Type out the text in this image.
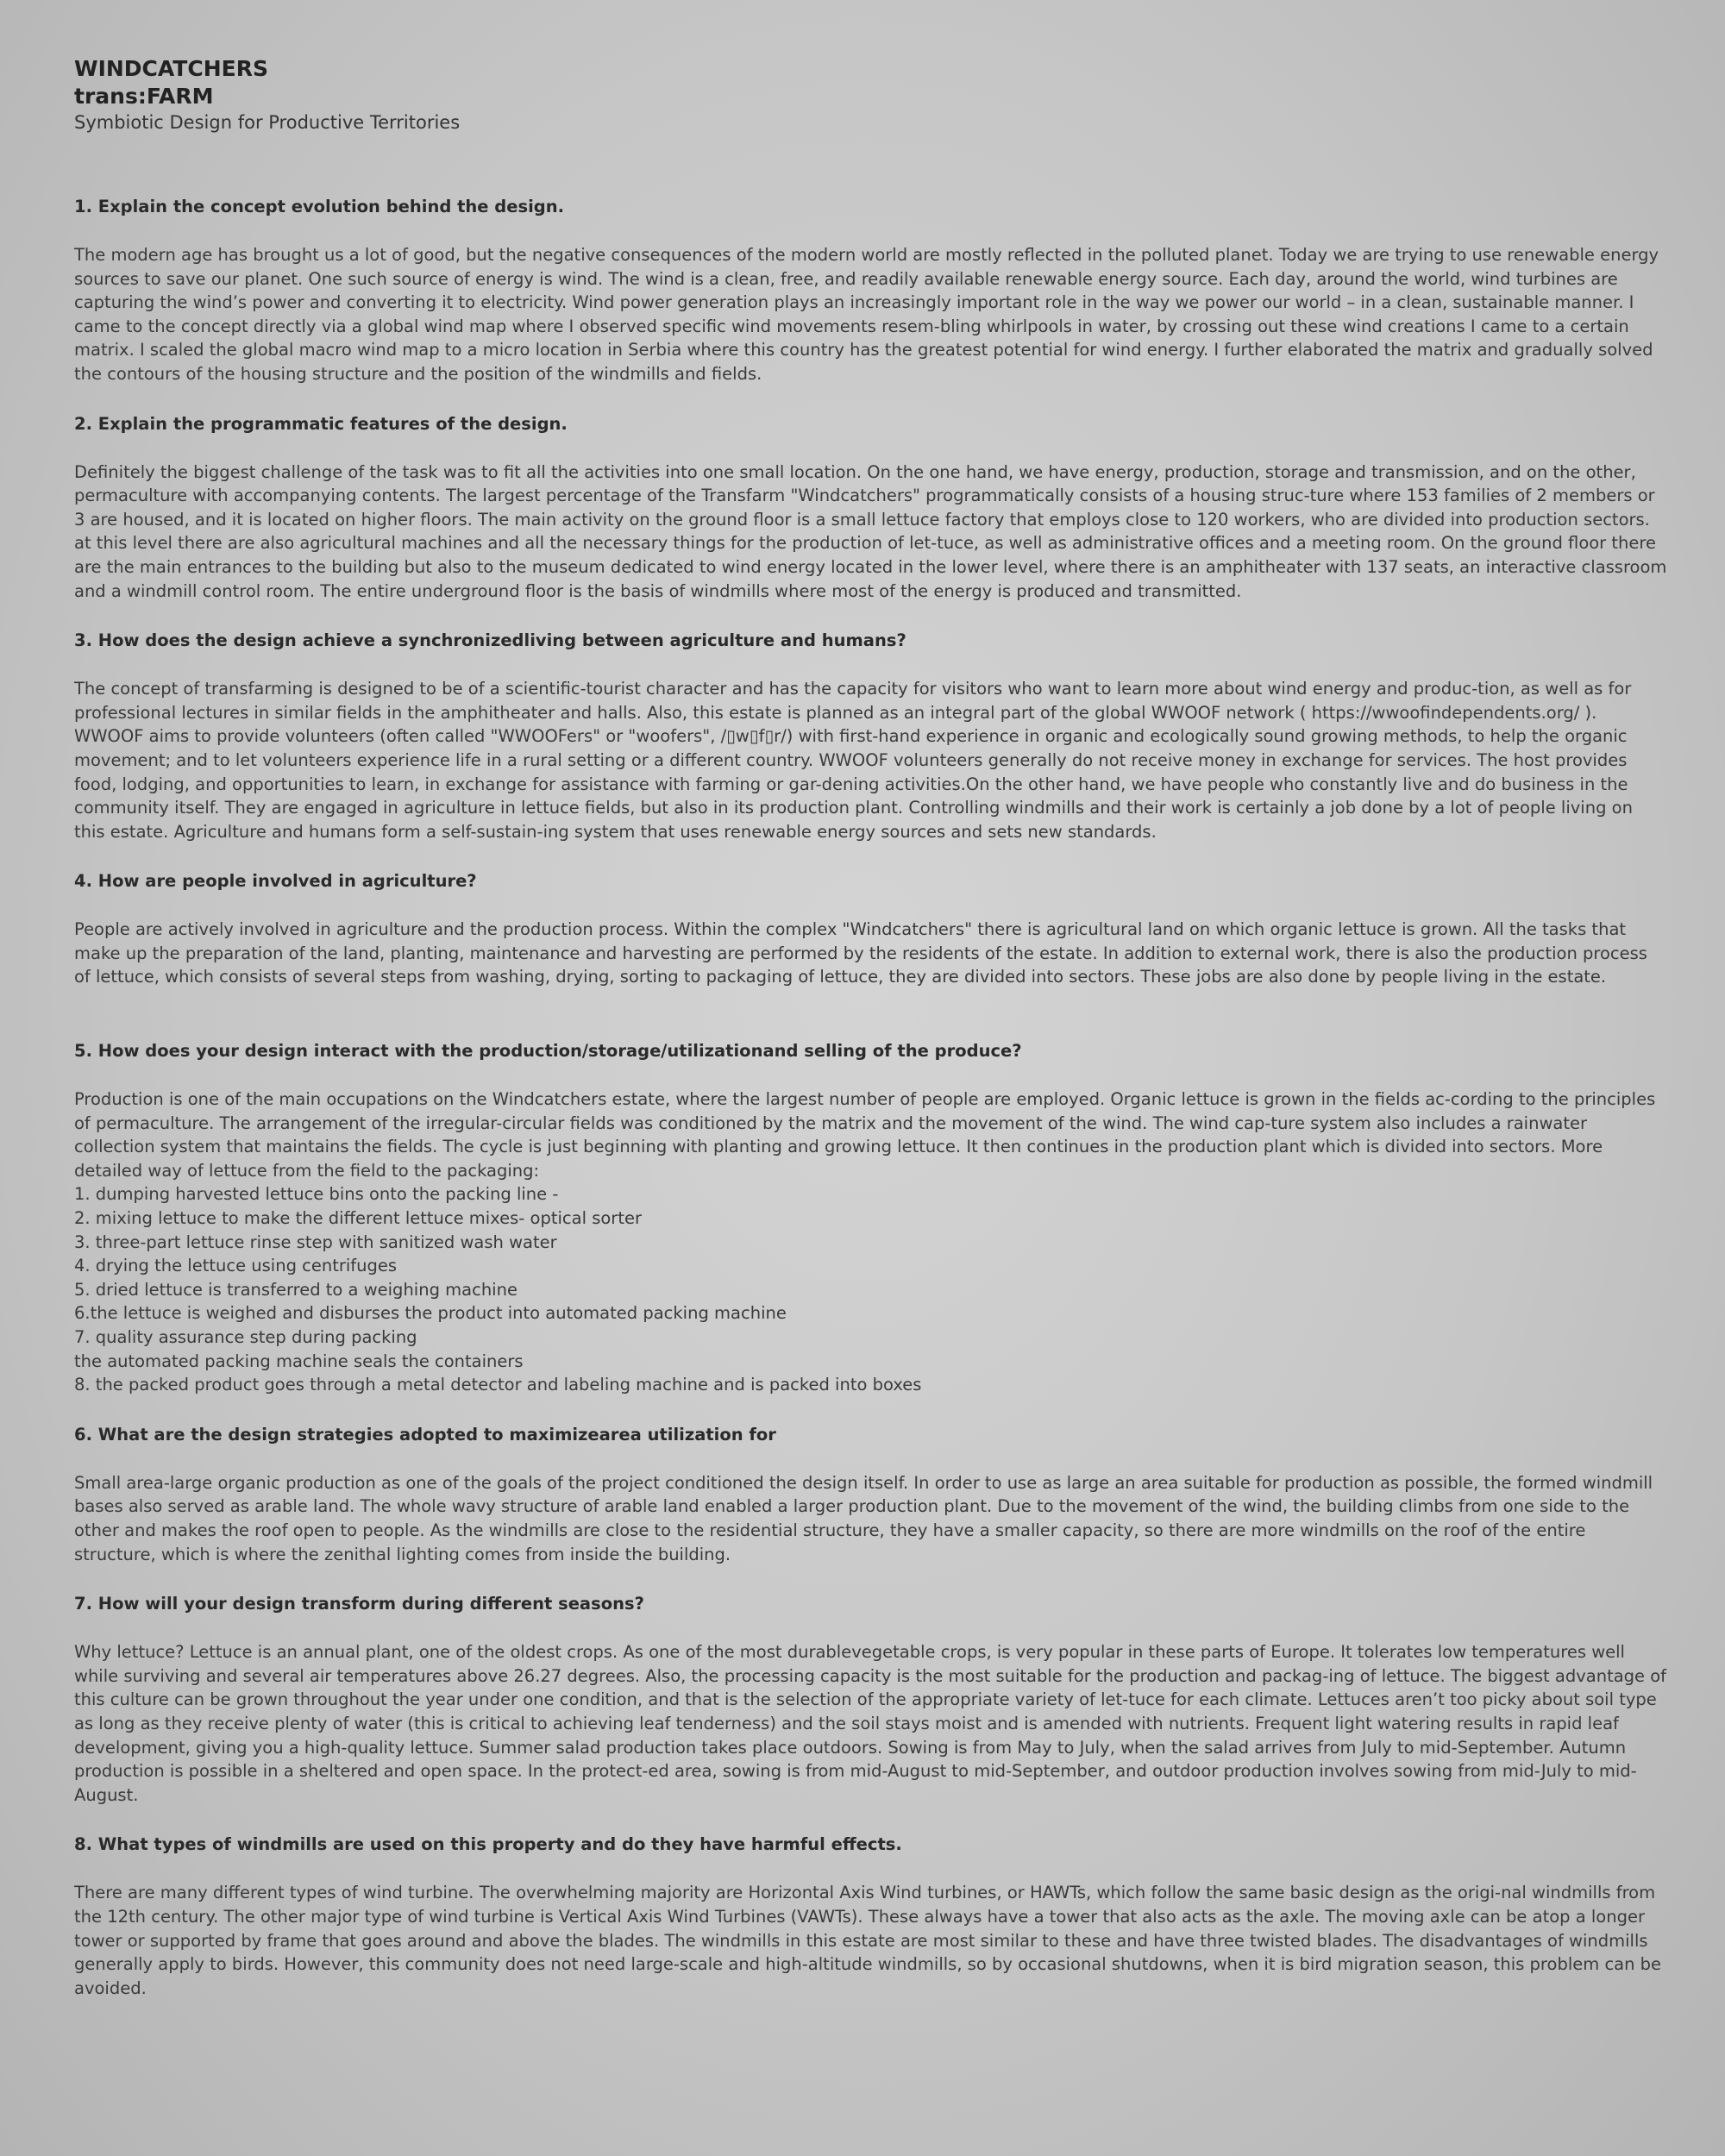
WINDCATCHERS
trans:FARM
Symbiotic Design for Productive Territories
1. Explain the concept evolution behind the design.
The modern age has brought us a lot of good, but the negative consequences of the modern world are mostly reflected in the polluted planet. Today we are trying to use renewable energy sources to save our planet. One such source of energy is wind. The wind is a clean, free, and readily available renewable energy source. Each day, around the world, wind turbines are capturing the wind’s power and converting it to electricity. Wind power generation plays an increasingly important role in the way we power our world – in a clean, sustainable manner. I came to the concept directly via a global wind map where I observed specific wind movements resem-bling whirlpools in water, by crossing out these wind creations I came to a certain matrix. I scaled the global macro wind map to a micro location in Serbia where this country has the greatest potential for wind energy. I further elaborated the matrix and gradually solved the contours of the housing structure and the position of the windmills and fields.
2. Explain the programmatic features of the design.
Definitely the biggest challenge of the task was to fit all the activities into one small location. On the one hand, we have energy, production, storage and transmission, and on the other, permaculture with accompanying contents. The largest percentage of the Transfarm "Windcatchers" programmatically consists of a housing struc-ture where 153 families of 2 members or 3 are housed, and it is located on higher floors. The main activity on the ground floor is a small lettuce factory that employs close to 120 workers, who are divided into production sectors. at this level there are also agricultural machines and all the necessary things for the production of let-tuce, as well as administrative offices and a meeting room. On the ground floor there are the main entrances to the building but also to the museum dedicated to wind energy located in the lower level, where there is an amphitheater with 137 seats, an interactive classroom and a windmill control room. The entire underground floor is the basis of windmills where most of the energy is produced and transmitted.
3. How does the design achieve a synchronizedliving between agriculture and humans?
The concept of transfarming is designed to be of a scientific-tourist character and has the capacity for visitors who want to learn more about wind energy and produc-tion, as well as for professional lectures in similar fields in the amphitheater and halls. Also, this estate is planned as an integral part of the global WWOOF network ( https://wwoofindependents.org/ ). WWOOF aims to provide volunteers (often called "WWOOFers" or "woofers", /▯w▯f▯r/) with first-hand experience in organic and ecologically sound growing methods, to help the organic movement; and to let volunteers experience life in a rural setting or a different country. WWOOF volunteers generally do not receive money in exchange for services. The host provides food, lodging, and opportunities to learn, in exchange for assistance with farming or gar-dening activities.On the other hand, we have people who constantly live and do business in the community itself. They are engaged in agriculture in lettuce fields, but also in its production plant. Controlling windmills and their work is certainly a job done by a lot of people living on this estate. Agriculture and humans form a self-sustain-ing system that uses renewable energy sources and sets new standards.
4. How are people involved in agriculture?
People are actively involved in agriculture and the production process. Within the complex "Windcatchers" there is agricultural land on which organic lettuce is grown. All the tasks that make up the preparation of the land, planting, maintenance and harvesting are performed by the residents of the estate. In addition to external work, there is also the production process of lettuce, which consists of several steps from washing, drying, sorting to packaging of lettuce, they are divided into sectors. These jobs are also done by people living in the estate.
5. How does your design interact with the production/storage/utilizationand selling of the produce?
Production is one of the main occupations on the Windcatchers estate, where the largest number of people are employed. Organic lettuce is grown in the fields ac-cording to the principles of permaculture. The arrangement of the irregular-circular fields was conditioned by the matrix and the movement of the wind. The wind cap-ture system also includes a rainwater collection system that maintains the fields. The cycle is just beginning with planting and growing lettuce. It then continues in the production plant which is divided into sectors. More detailed way of lettuce from the field to the packaging:
1. dumping harvested lettuce bins onto the packing line -
2. mixing lettuce to make the different lettuce mixes- optical sorter
3. three-part lettuce rinse step with sanitized wash water
4. drying the lettuce using centrifuges
5. dried lettuce is transferred to a weighing machine
6.the lettuce is weighed and disburses the product into automated packing machine
7. quality assurance step during packing
the automated packing machine seals the containers
8. the packed product goes through a metal detector and labeling machine and is packed into boxes
6. What are the design strategies adopted to maximizearea utilization for
Small area-large organic production as one of the goals of the project conditioned the design itself. In order to use as large an area suitable for production as possible, the formed windmill bases also served as arable land. The whole wavy structure of arable land enabled a larger production plant. Due to the movement of the wind, the building climbs from one side to the other and makes the roof open to people. As the windmills are close to the residential structure, they have a smaller capacity, so there are more windmills on the roof of the entire structure, which is where the zenithal lighting comes from inside the building.
7. How will your design transform during different seasons?
Why lettuce? Lettuce is an annual plant, one of the oldest crops. As one of the most durablevegetable crops, is very popular in these parts of Europe. It tolerates low temperatures well while surviving and several air temperatures above 26.27 degrees. Also, the processing capacity is the most suitable for the production and packag-ing of lettuce. The biggest advantage of this culture can be grown throughout the year under one condition, and that is the selection of the appropriate variety of let-tuce for each climate. Lettuces aren’t too picky about soil type as long as they receive plenty of water (this is critical to achieving leaf tenderness) and the soil stays moist and is amended with nutrients. Frequent light watering results in rapid leaf development, giving you a high-quality lettuce. Summer salad production takes place outdoors. Sowing is from May to July, when the salad arrives from July to mid-September. Autumn production is possible in a sheltered and open space. In the protect-ed area, sowing is from mid-August to mid-September, and outdoor production involves sowing from mid-July to mid-August.
8. What types of windmills are used on this property and do they have harmful effects.
There are many different types of wind turbine. The overwhelming majority are Horizontal Axis Wind turbines, or HAWTs, which follow the same basic design as the origi-nal windmills from the 12th century. The other major type of wind turbine is Vertical Axis Wind Turbines (VAWTs). These always have a tower that also acts as the axle. The moving axle can be atop a longer tower or supported by frame that goes around and above the blades. The windmills in this estate are most similar to these and have three twisted blades. The disadvantages of windmills generally apply to birds. However, this community does not need large-scale and high-altitude windmills, so by occasional shutdowns, when it is bird migration season, this problem can be avoided.
